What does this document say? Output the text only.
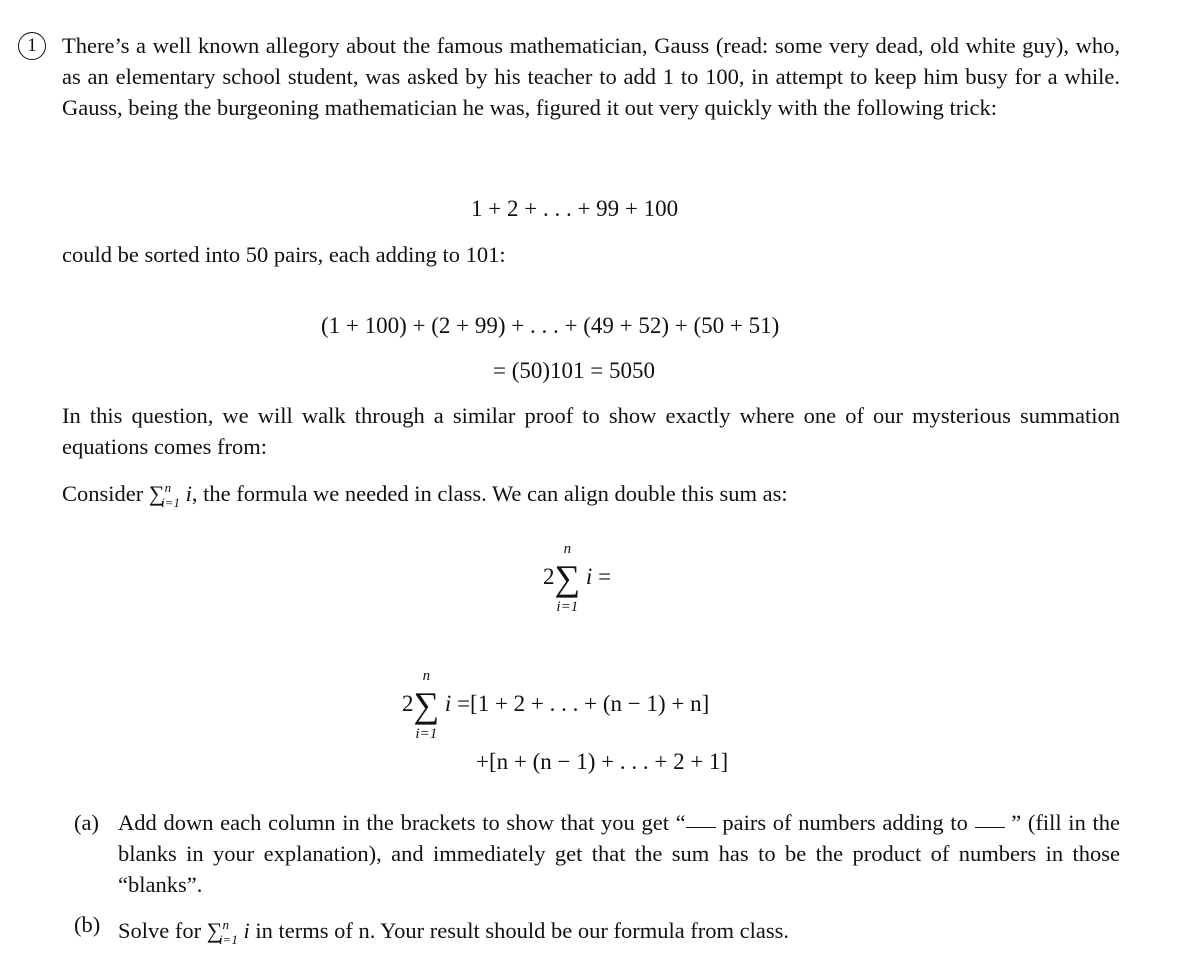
1	There’s a well known allegory about the famous mathematician, Gauss (read: some very dead, old white guy), who, as an elementary school student, was asked by his teacher to add 1 to 100, in attempt to keep him busy for a while. Gauss, being the burgeoning mathematician he was, figured it out very quickly with the following trick:
1 + 2 + . . . + 99 + 100
could be sorted into 50 pairs, each adding to 101:
(1 + 100) + (2 + 99) + . . . + (49 + 52) + (50 + 51)
= (50)101 = 5050
In this question, we will walk through a similar proof to show exactly where one of our mysterious summation equations comes from:
Consider ∑$^n_{i=1}$ i, the formula we needed in class. We can align double this sum as:
2∑
n
i=1
i =
2∑
n
i=1
i =[1 + 2 + . . . + (n − 1) + n]
+[n + (n − 1) + . . . + 2 + 1]
(a) Add down each column in the brackets to show that you get “ pairs of numbers adding to  ” (fill in the blanks in your explanation), and immediately get that the sum has to be the product of numbers in those “blanks”.
(b) Solve for ∑$^n_{i=1}$ i in terms of n. Your result should be our formula from class.
